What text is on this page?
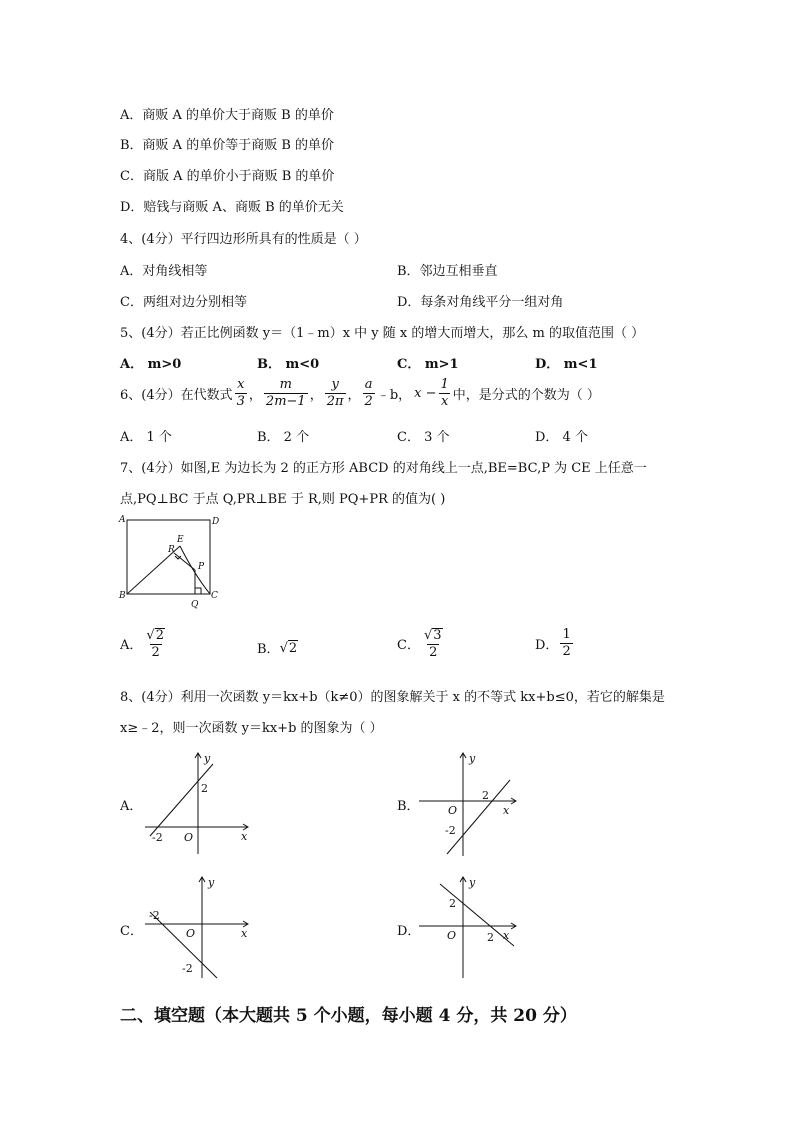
A．商贩 A 的单价大于商贩 B 的单价
B．商贩 A 的单价等于商贩 B 的单价
C．商版 A 的单价小于商贩 B 的单价
D．赔钱与商贩 A、商贩 B 的单价无关
4、(4分）平行四边形所具有的性质是（ ）
A．对角线相等	B．邻边互相垂直
C．两组对边分别相等	D．每条对角线平分一组对角
5、(4分）若正比例函数 y＝（1﹣m）x 中 y 随 x 的增大而增大，那么 m 的取值范围（ ）
A． m>0	B． m<0	C． m>1	D． m<1
6、(4分）在代数式
x
3 ，
m
2m−1 ，
y
2π ，
a
2 ﹣b， $x - \frac{1}{x}$ 中，是分式的个数为（ ）
A． 1 个	B． 2 个	C． 3 个	D． 4 个
7、(4分）如图,E 为边长为 2 的正方形 ABCD 的对角线上一点,BE=BC,P 为 CE 上任意一
点,PQ⊥BC 于点 Q,PR⊥BE 于 R,则 PQ+PR 的值为( )
A	D
B	C
E
R
P
Q
A．
√2
2	B． √2	C．
√3
2	D．
1
2
8、(4分）利用一次函数 y＝kx+b（k≠0）的图象解关于 x 的不等式 kx+b≤0，若它的解集是
x≥﹣2，则一次函数 y＝kx+b 的图象为（ ）
A．
y
x
O
2
-2
B．
y
x
O
2
-2
C．
y
x
O
-2
-2
D．
y
x
O
2
2
二、填空题（本大题共 5 个小题，每小题 4 分，共 20 分）
